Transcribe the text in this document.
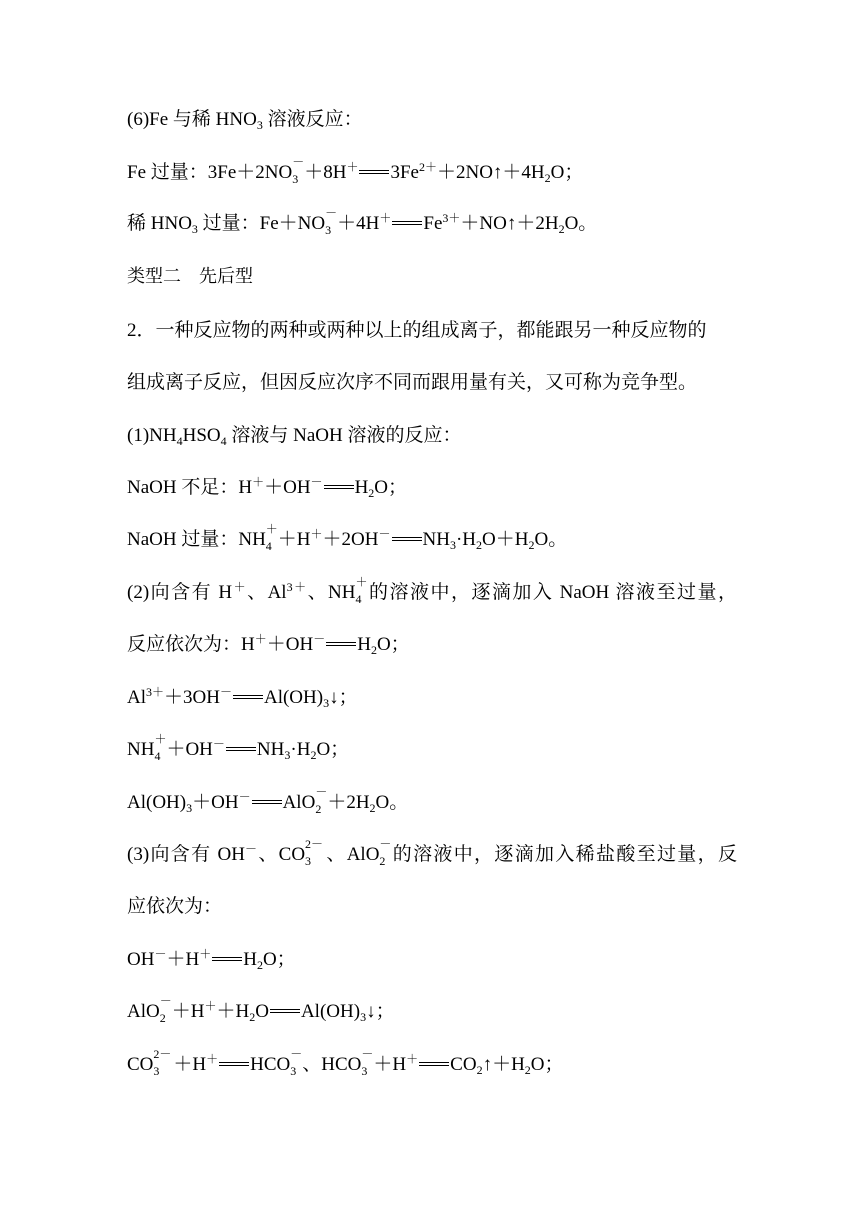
(6)Fe 与稀 $HNO_3$ 溶液反应：
Fe 过量：3Fe＋2NO －
3 ＋8H＋ $3Fe^{2+}+2NO↑+4H_2O$；
稀 $HNO_3$ 过量：Fe＋NO －
3 ＋4H＋ $Fe^{3+}+NO↑+2H_2O$。
类型二　先后型
2．一种反应物的两种或两种以上的组成离子，都能跟另一种反应物的
组成离子反应，但因反应次序不同而跟用量有关，又可称为竞争型。
$(1)NH_4HSO_4$ 溶液与 NaOH 溶液的反应：
NaOH 不足：H＋＋OH－ $H_2O$；
NaOH 过量：NH ＋
4 ＋H＋＋2OH－ $NH_3\cdot H_2O+H_2O$。
(2)向含有 H＋、$Al^{3+}$、NH ＋
4 的溶液中，逐滴加入 NaOH 溶液至过量，
反应依次为：H＋＋OH－ $H_2O$；
$Al^{3+}+3OH^-$ $Al(OH)_3↓$；
NH ＋
4 ＋OH－ $NH_3\cdot H_2O$；
$Al(OH)_3+OH^-$ AlO －
$2 +2H_2O$。
(3)向含有 OH－、CO 2－
3 、AlO －
2 的溶液中，逐滴加入稀盐酸至过量，反
应依次为：
OH－＋H＋ $H_2O$；
AlO －
$2 +H^++H_2O$ $Al(OH)_3↓$；
CO 2－
3 ＋H＋ HCO －
3 、HCO －
3 ＋H＋ $CO_2↑+H_2O$；
